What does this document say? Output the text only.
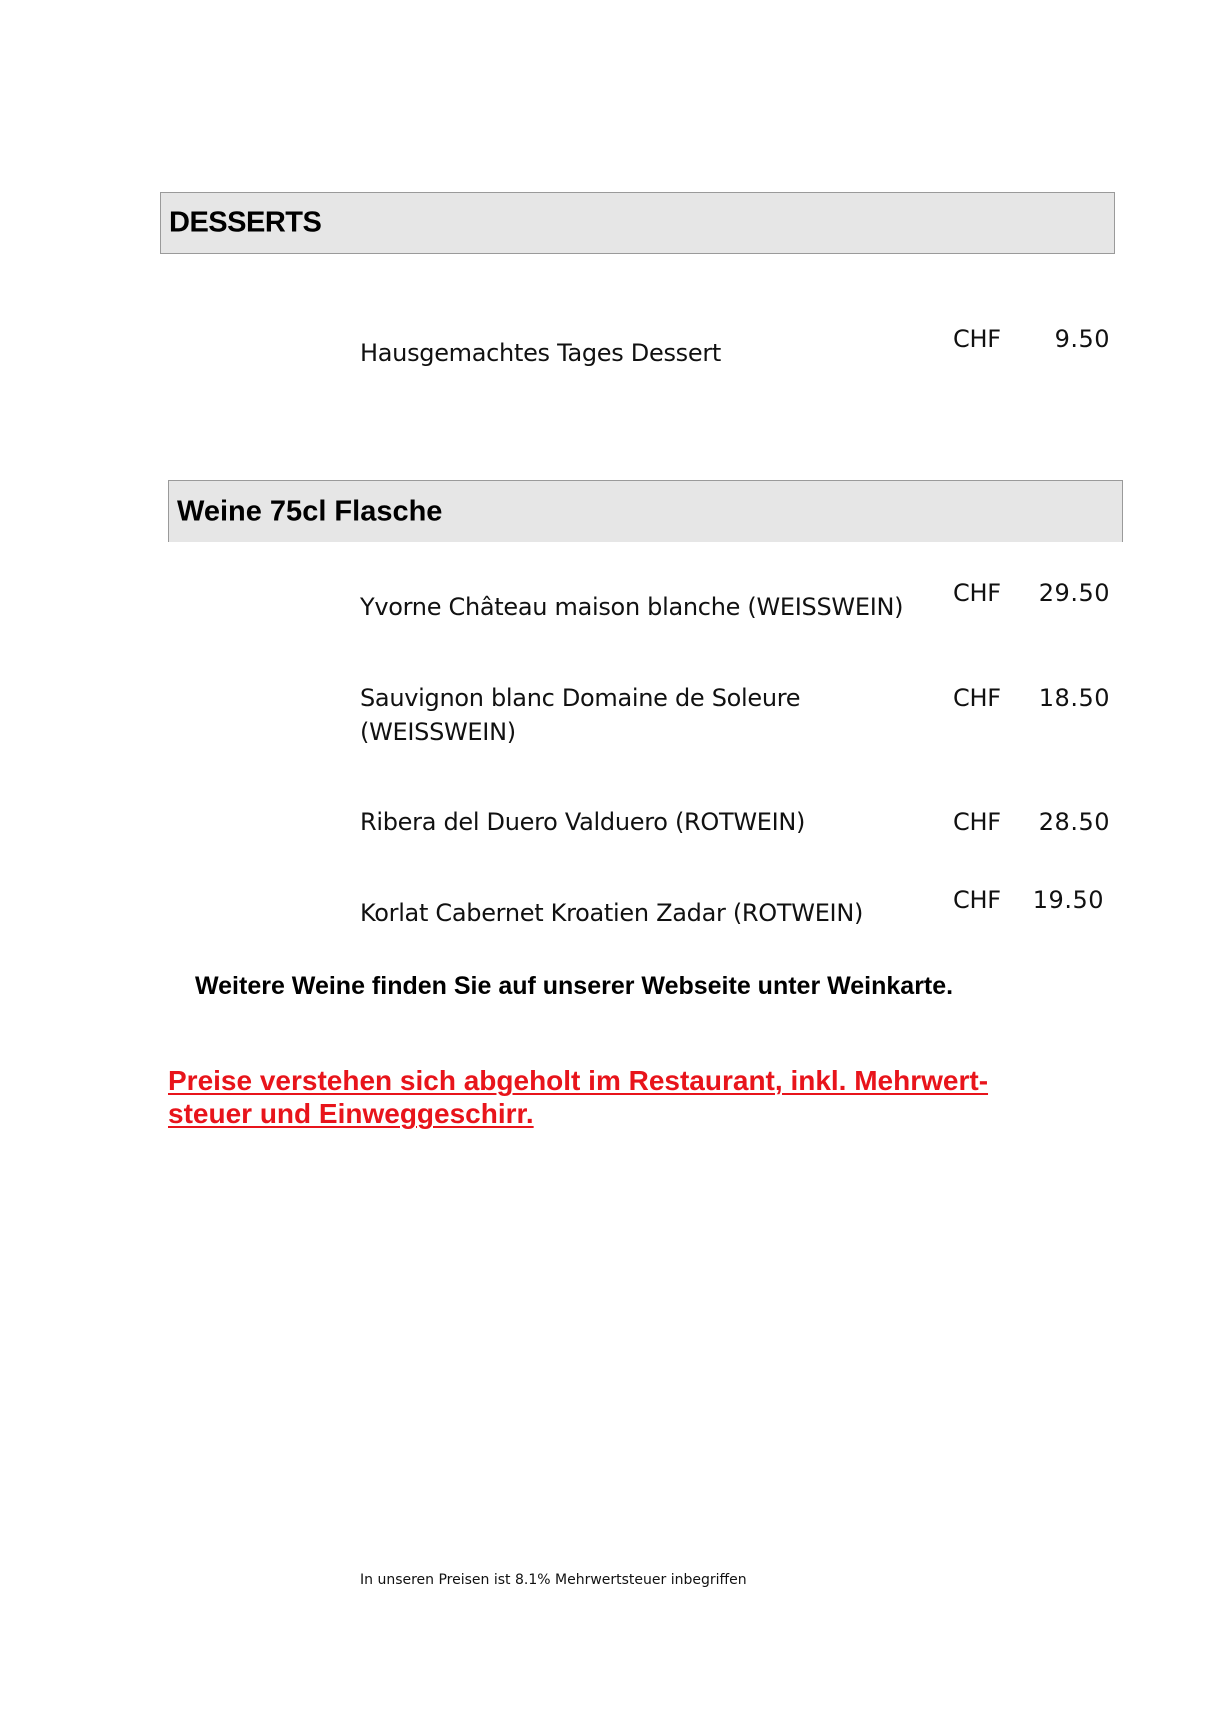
DESSERTS
Hausgemachtes Tages Dessert	CHF	9.50
Weine 75cl Flasche
Yvorne Château maison blanche (WEISSWEIN)	CHF	29.50
Sauvignon blanc Domaine de Soleure
(WEISSWEIN)
CHF	18.50
Ribera del Duero Valduero (ROTWEIN)	CHF	28.50
Korlat Cabernet Kroatien Zadar (ROTWEIN)	CHF	19.50
Weitere Weine finden Sie auf unserer Webseite unter Weinkarte.
Preise verstehen sich abgeholt im Restaurant, inkl. Mehrwert-
steuer und Einweggeschirr.
In unseren Preisen ist 8.1% Mehrwertsteuer inbegriffen
